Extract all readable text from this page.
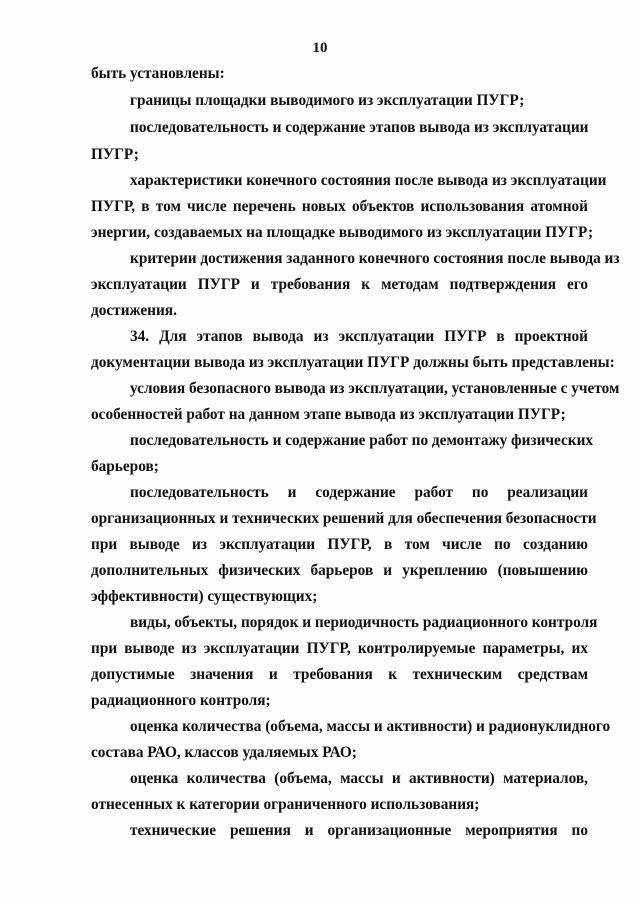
10
быть установлены:
границы площадки выводимого из эксплуатации ПУГР;
последовательность и содержание этапов вывода из эксплуатации
ПУГР;
характеристики конечного состояния после вывода из эксплуатации
ПУГР, в том числе перечень новых объектов использования атомной
энергии, создаваемых на площадке выводимого из эксплуатации ПУГР;
критерии достижения заданного конечного состояния после вывода из
эксплуатации ПУГР и требования к методам подтверждения его
достижения.
34. Для этапов вывода из эксплуатации ПУГР в проектной
документации вывода из эксплуатации ПУГР должны быть представлены:
условия безопасного вывода из эксплуатации, установленные с учетом
особенностей работ на данном этапе вывода из эксплуатации ПУГР;
последовательность и содержание работ по демонтажу физических
барьеров;
последовательность и содержание работ по реализации
организационных и технических решений для обеспечения безопасности
при выводе из эксплуатации ПУГР, в том числе по созданию
дополнительных физических барьеров и укреплению (повышению
эффективности) существующих;
виды, объекты, порядок и периодичность радиационного контроля
при выводе из эксплуатации ПУГР, контролируемые параметры, их
допустимые значения и требования к техническим средствам
радиационного контроля;
оценка количества (объема, массы и активности) и радионуклидного
состава РАО, классов удаляемых РАО;
оценка количества (объема, массы и активности) материалов,
отнесенных к категории ограниченного использования;
технические решения и организационные мероприятия по
